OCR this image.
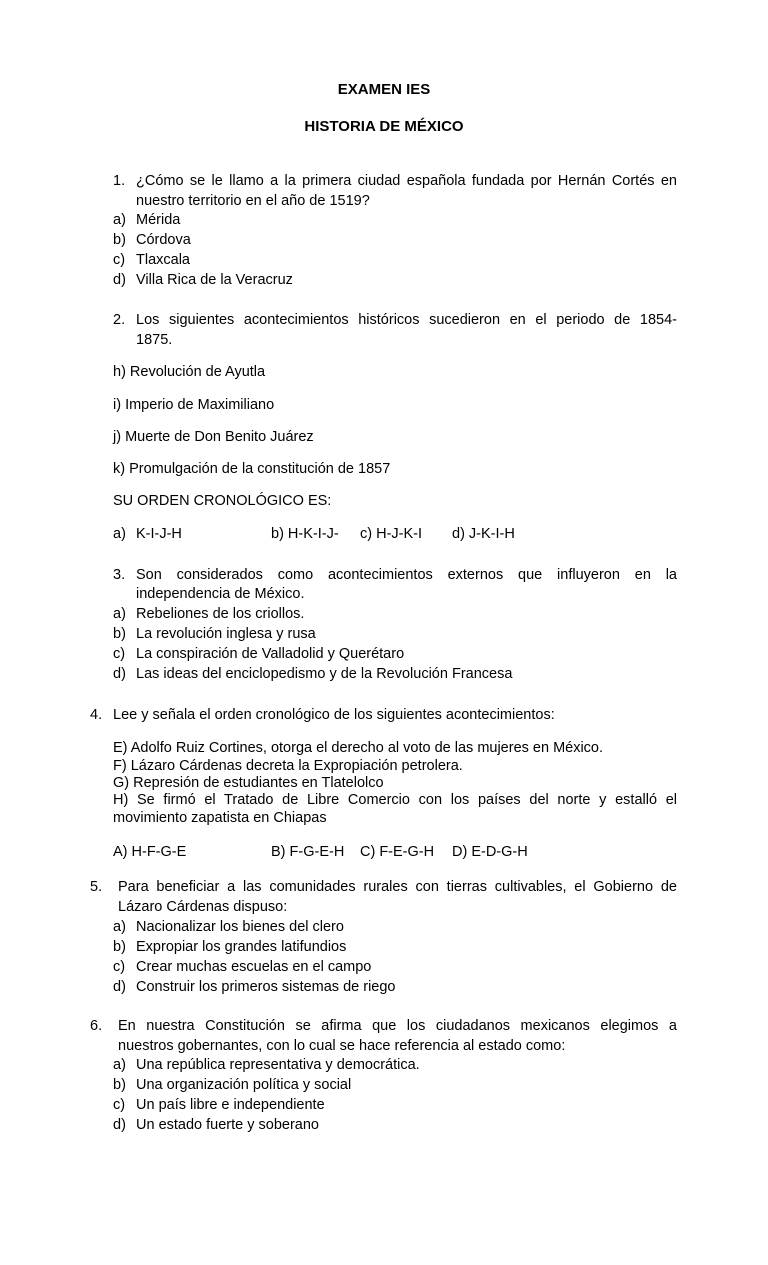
EXAMEN IES
HISTORIA DE MÉXICO
1. ¿Cómo se le llamo a la primera ciudad española fundada por Hernán Cortés en
nuestro territorio en el año de 1519?
a) Mérida
b) Córdova
c) Tlaxcala
d) Villa Rica de la Veracruz
2. Los siguientes acontecimientos históricos sucedieron en el periodo de 1854-
1875.
h) Revolución de Ayutla
i) Imperio de Maximiliano
j) Muerte de Don Benito Juárez
k) Promulgación de la constitución de 1857
SU ORDEN CRONOLÓGICO ES:
a) K-I-J-H	b) H-K-I-J- c) H-J-K-I d) J-K-I-H
3. Son considerados como acontecimientos externos que influyeron en la
independencia de México.
a) Rebeliones de los criollos.
b) La revolución inglesa y rusa
c) La conspiración de Valladolid y Querétaro
d) Las ideas del enciclopedismo y de la Revolución Francesa
4. Lee y señala el orden cronológico de los siguientes acontecimientos:
E) Adolfo Ruiz Cortines, otorga el derecho al voto de las mujeres en México.
F) Lázaro Cárdenas decreta la Expropiación petrolera.
G) Represión de estudiantes en Tlatelolco
H) Se firmó el Tratado de Libre Comercio con los países del norte y estalló el
movimiento zapatista en Chiapas
A) H-F-G-E	B) F-G-E-H C) F-E-G-H D) E-D-G-H
5. Para beneficiar a las comunidades rurales con tierras cultivables, el Gobierno de
Lázaro Cárdenas dispuso:
a) Nacionalizar los bienes del clero
b) Expropiar los grandes latifundios
c) Crear muchas escuelas en el campo
d) Construir los primeros sistemas de riego
6. En nuestra Constitución se afirma que los ciudadanos mexicanos elegimos a
nuestros gobernantes, con lo cual se hace referencia al estado como:
a) Una república representativa y democrática.
b) Una organización política y social
c) Un país libre e independiente
d) Un estado fuerte y soberano
